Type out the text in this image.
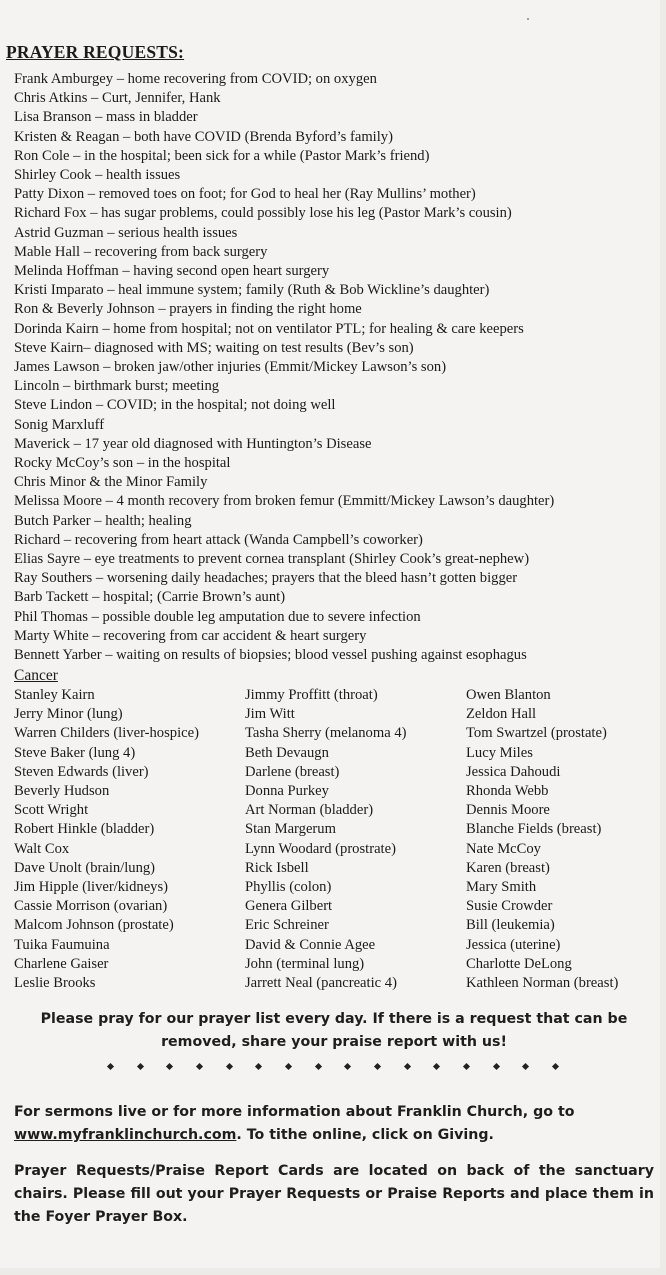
PRAYER REQUESTS:
Frank Amburgey – home recovering from COVID; on oxygen
Chris Atkins – Curt, Jennifer, Hank
Lisa Branson – mass in bladder
Kristen & Reagan – both have COVID (Brenda Byford’s family)
Ron Cole – in the hospital; been sick for a while (Pastor Mark’s friend)
Shirley Cook – health issues
Patty Dixon – removed toes on foot; for God to heal her (Ray Mullins’ mother)
Richard Fox – has sugar problems, could possibly lose his leg (Pastor Mark’s cousin)
Astrid Guzman – serious health issues
Mable Hall – recovering from back surgery
Melinda Hoffman – having second open heart surgery
Kristi Imparato – heal immune system; family (Ruth & Bob Wickline’s daughter)
Ron & Beverly Johnson – prayers in finding the right home
Dorinda Kairn – home from hospital; not on ventilator PTL; for healing & care keepers
Steve Kairn– diagnosed with MS; waiting on test results (Bev’s son)
James Lawson – broken jaw/other injuries (Emmit/Mickey Lawson’s son)
Lincoln – birthmark burst; meeting
Steve Lindon – COVID; in the hospital; not doing well
Sonig Marxluff
Maverick – 17 year old diagnosed with Huntington’s Disease
Rocky McCoy’s son – in the hospital
Chris Minor & the Minor Family
Melissa Moore – 4 month recovery from broken femur (Emmitt/Mickey Lawson’s daughter)
Butch Parker – health; healing
Richard – recovering from heart attack (Wanda Campbell’s coworker)
Elias Sayre – eye treatments to prevent cornea transplant (Shirley Cook’s great-nephew)
Ray Southers – worsening daily headaches; prayers that the bleed hasn’t gotten bigger
Barb Tackett – hospital; (Carrie Brown’s aunt)
Phil Thomas – possible double leg amputation due to severe infection
Marty White – recovering from car accident & heart surgery
Bennett Yarber – waiting on results of biopsies; blood vessel pushing against esophagus
Cancer
Stanley Kairn
Jerry Minor (lung)
Warren Childers (liver-hospice)
Steve Baker (lung 4)
Steven Edwards (liver)
Beverly Hudson
Scott Wright
Robert Hinkle (bladder)
Walt Cox
Dave Unolt (brain/lung)
Jim Hipple (liver/kidneys)
Cassie Morrison (ovarian)
Malcom Johnson (prostate)
Tuika Faumuina
Charlene Gaiser
Leslie Brooks
Jimmy Proffitt (throat)
Jim Witt
Tasha Sherry (melanoma 4)
Beth Devaugn
Darlene (breast)
Donna Purkey
Art Norman (bladder)
Stan Margerum
Lynn Woodard (prostrate)
Rick Isbell
Phyllis (colon)
Genera Gilbert
Eric Schreiner
David & Connie Agee
John (terminal lung)
Jarrett Neal (pancreatic 4)
Owen Blanton
Zeldon Hall
Tom Swartzel (prostate)
Lucy Miles
Jessica Dahoudi
Rhonda Webb
Dennis Moore
Blanche Fields (breast)
Nate McCoy
Karen (breast)
Mary Smith
Susie Crowder
Bill (leukemia)
Jessica (uterine)
Charlotte DeLong
Kathleen Norman (breast)
Please pray for our prayer list every day. If there is a request that can be removed, share your praise report with us!
For sermons live or for more information about Franklin Church, go to www.myfranklinchurch.com. To tithe online, click on Giving.
Prayer Requests/Praise Report Cards are located on back of the sanctuary chairs. Please fill out your Prayer Requests or Praise Reports and place them in the Foyer Prayer Box.
